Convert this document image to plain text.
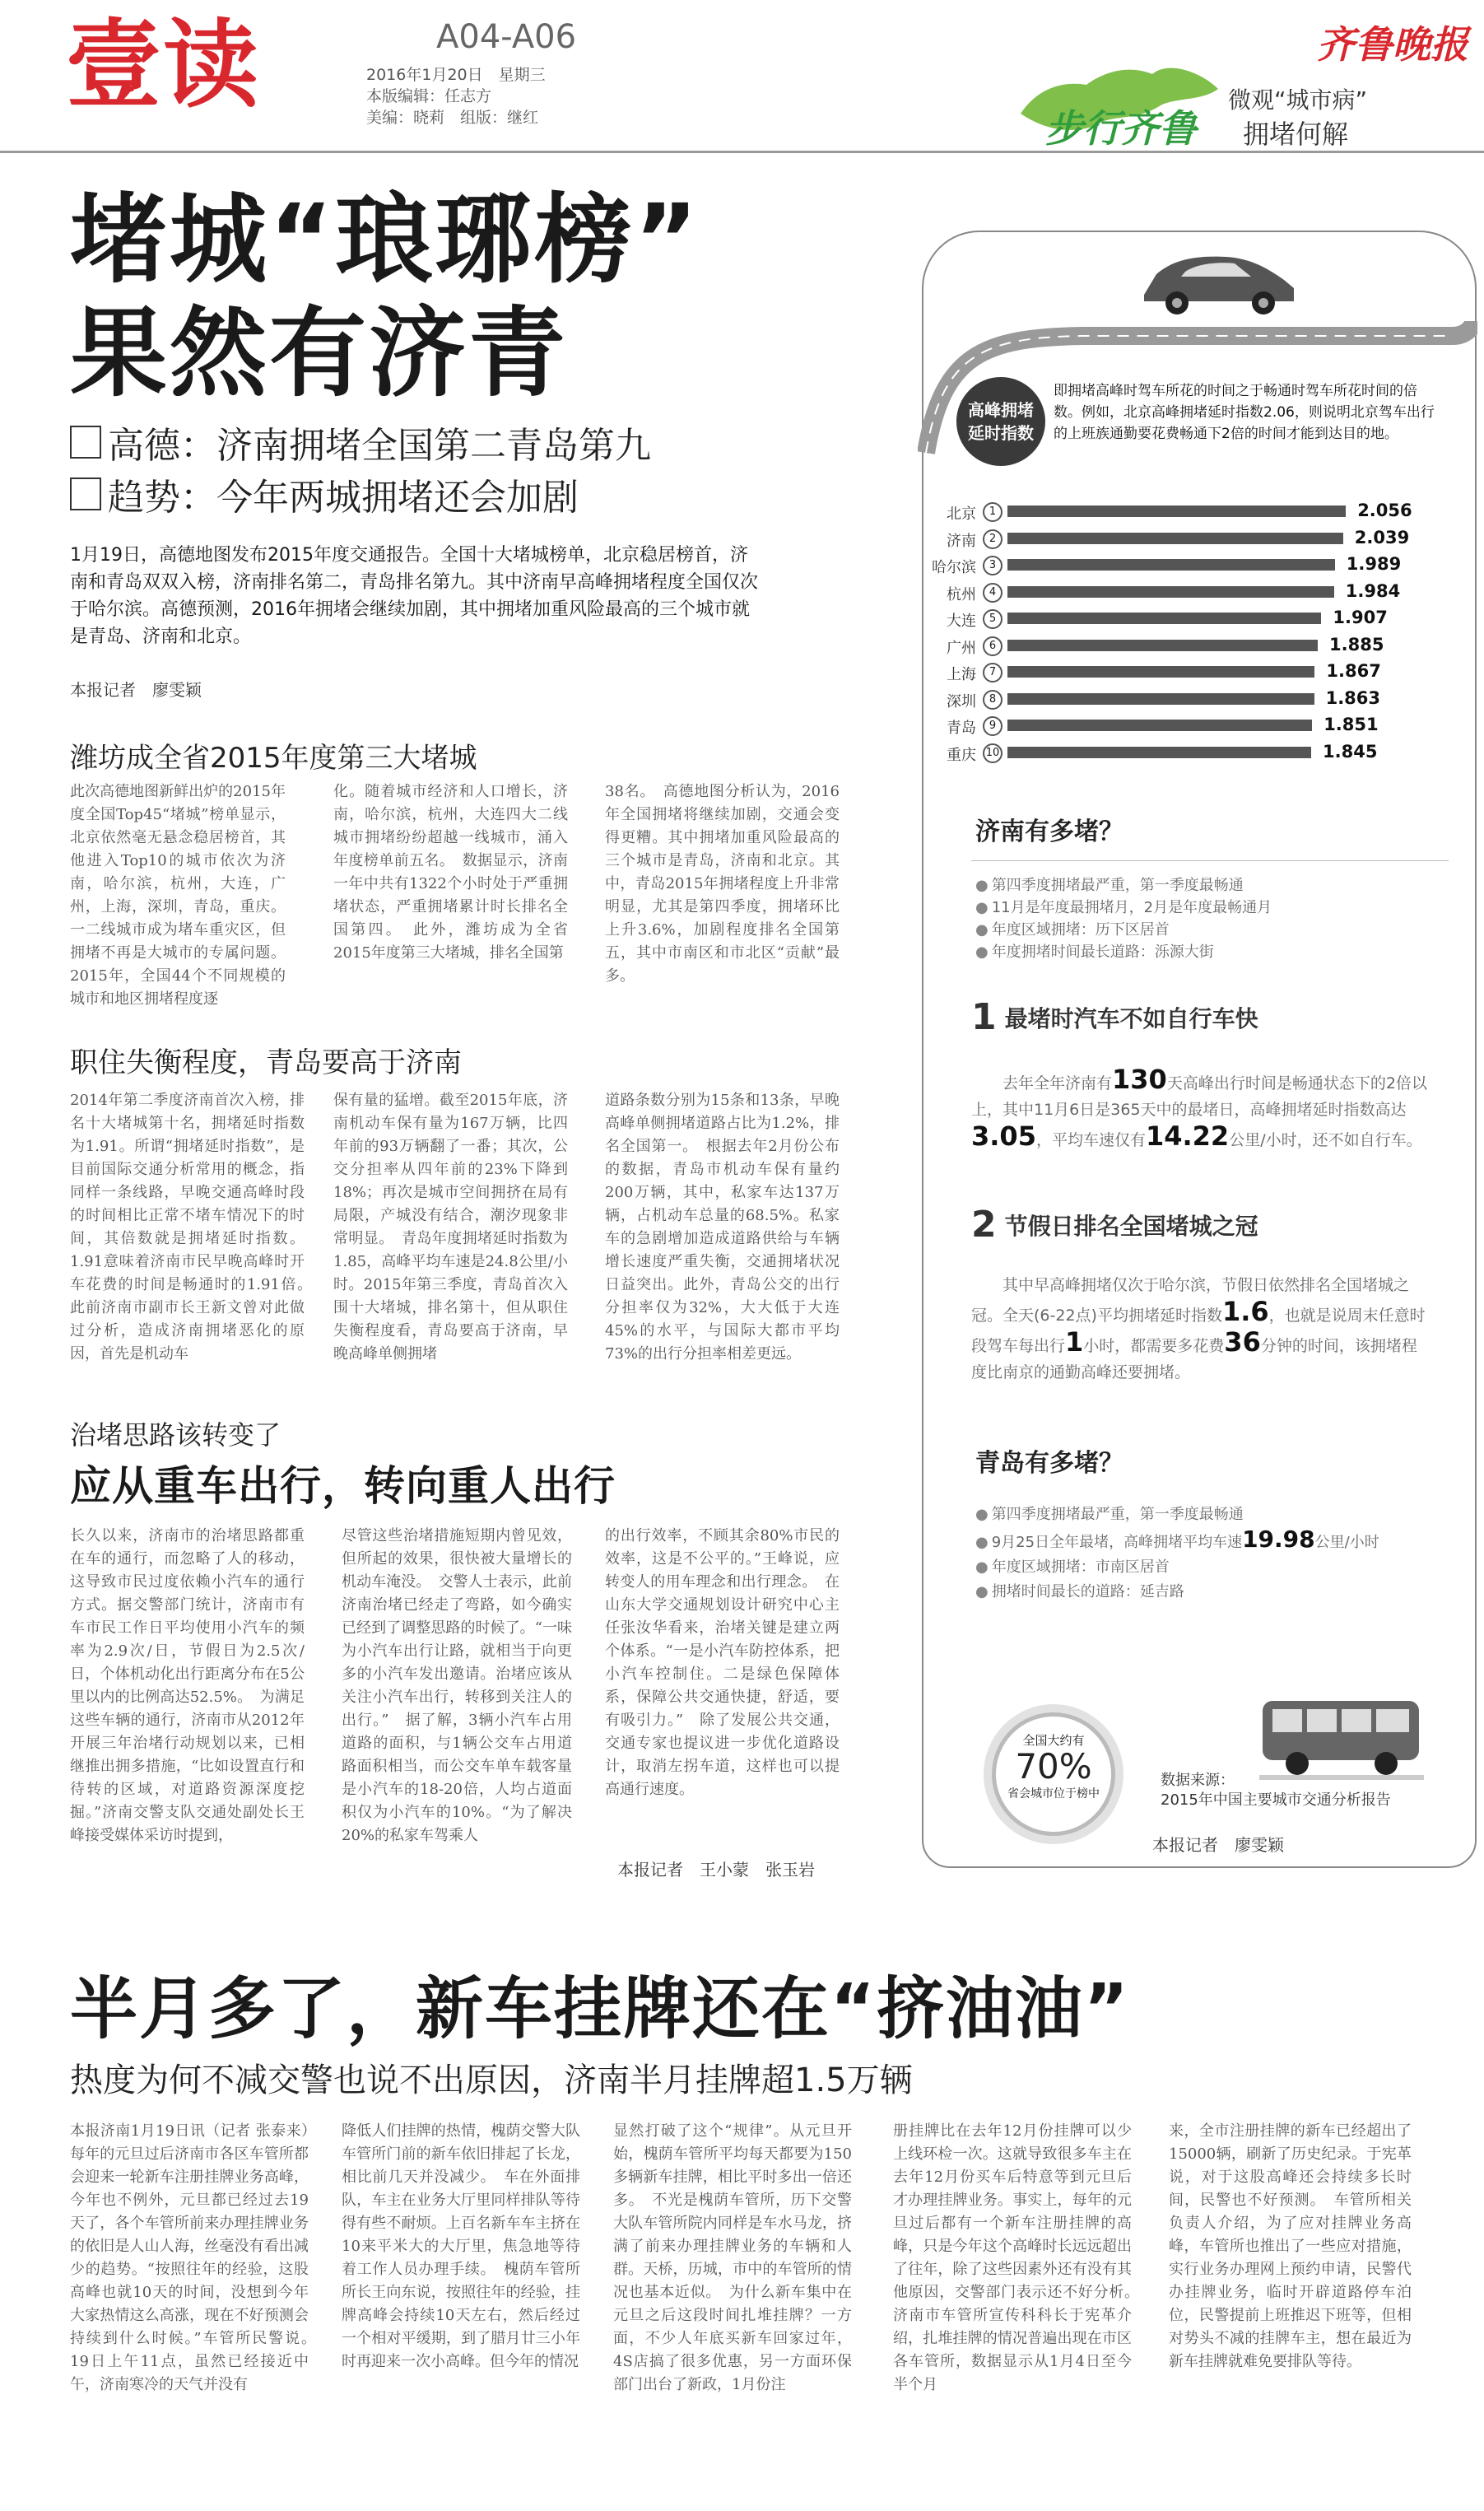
壹读	A04-A06
2016年1月20日　星期三
本版编辑：任志方
美编：晓莉　组版：继红
齐鲁晚报
步行齐鲁
微观“城市病”
拥堵何解
堵城“琅琊榜”
果然有济青
高德：济南拥堵全国第二青岛第九
趋势：今年两城拥堵还会加剧
1月19日，高德地图发布2015年度交通报告。全国十大堵城榜单，北京稳居榜首，济南和青岛双双入榜，济南排名第二，青岛排名第九。其中济南早高峰拥堵程度全国仅次于哈尔滨。高德预测，2016年拥堵会继续加剧，其中拥堵加重风险最高的三个城市就是青岛、济南和北京。
本报记者　廖雯颖
潍坊成全省2015年度第三大堵城
此次高德地图新鲜出炉的2015年度全国Top45“堵城”榜单显示，北京依然毫无悬念稳居榜首，其他进入Top10的城市依次为济南，哈尔滨，杭州，大连，广州，上海，深圳，青岛，重庆。一二线城市成为堵车重灾区，但拥堵不再是大城市的专属问题。2015年，全国44个不同规模的城市和地区拥堵程度逐
化。随着城市经济和人口增长，济南，哈尔滨，杭州，大连四大二线城市拥堵纷纷超越一线城市，涌入年度榜单前五名。　数据显示，济南一年中共有1322个小时处于严重拥堵状态，严重拥堵累计时长排名全国第四。　此外，潍坊成为全省2015年度第三大堵城，排名全国第
38名。　高德地图分析认为，2016年全国拥堵将继续加剧，交通会变得更糟。其中拥堵加重风险最高的三个城市是青岛，济南和北京。其中，青岛2015年拥堵程度上升非常明显，尤其是第四季度，拥堵环比上升3.6%，加剧程度排名全国第五，其中市南区和市北区“贡献”最多。
职住失衡程度，青岛要高于济南
2014年第二季度济南首次入榜，排名十大堵城第十名，拥堵延时指数为1.91。所谓“拥堵延时指数”，是目前国际交通分析常用的概念，指同样一条线路，早晚交通高峰时段的时间相比正常不堵车情况下的时间，其倍数就是拥堵延时指数。1.91意味着济南市民早晚高峰时开车花费的时间是畅通时的1.91倍。　此前济南市副市长王新文曾对此做过分析，造成济南拥堵恶化的原因，首先是机动车
保有量的猛增。截至2015年底，济南机动车保有量为167万辆，比四年前的93万辆翻了一番；其次，公交分担率从四年前的23%下降到18%；再次是城市空间拥挤在局有局限，产城没有结合，潮汐现象非常明显。　青岛年度拥堵延时指数为1.85，高峰平均车速是24.8公里/小时。2015年第三季度，青岛首次入围十大堵城，排名第十，但从职住失衡程度看，青岛要高于济南，早晚高峰单侧拥堵
道路条数分别为15条和13条，早晚高峰单侧拥堵道路占比为1.2%，排名全国第一。　根据去年2月份公布的数据，青岛市机动车保有量约200万辆，其中，私家车达137万辆，占机动车总量的68.5%。私家车的急剧增加造成道路供给与车辆增长速度严重失衡，交通拥堵状况日益突出。此外，青岛公交的出行分担率仅为32%，大大低于大连45%的水平，与国际大都市平均73%的出行分担率相差更远。
治堵思路该转变了
应从重车出行，转向重人出行
长久以来，济南市的治堵思路都重在车的通行，而忽略了人的移动，这导致市民过度依赖小汽车的通行方式。据交警部门统计，济南市有车市民工作日平均使用小汽车的频率为2.9次/日，节假日为2.5次/日，个体机动化出行距离分布在5公里以内的比例高达52.5%。　为满足这些车辆的通行，济南市从2012年开展三年治堵行动规划以来，已相继推出拥多措施，“比如设置直行和待转的区域，对道路资源深度挖掘。”济南交警支队交通处副处长王峰接受媒体采访时提到，
尽管这些治堵措施短期内曾见效，但所起的效果，很快被大量增长的机动车淹没。　交警人士表示，此前济南治堵已经走了弯路，如今确实已经到了调整思路的时候了。“一味为小汽车出行让路，就相当于向更多的小汽车发出邀请。治堵应该从关注小汽车出行，转移到关注人的出行。”　据了解，3辆小汽车占用道路的面积，与1辆公交车占用道路面积相当，而公交车单车载客量是小汽车的18-20倍，人均占道面积仅为小汽车的10%。“为了解决20%的私家车驾乘人
的出行效率，不顾其余80%市民的效率，这是不公平的。”王峰说，应转变人的用车理念和出行理念。　在山东大学交通规划设计研究中心主任张汝华看来，治堵关键是建立两个体系。“一是小汽车防控体系，把小汽车控制住。二是绿色保障体系，保障公共交通快捷，舒适，要有吸引力。”　除了发展公共交通，交通专家也提议进一步优化道路设计，取消左拐车道，这样也可以提高通行速度。
本报记者　王小蒙　张玉岩
高峰拥堵
延时指数
即拥堵高峰时驾车所花的时间之于畅通时驾车所花时间的倍数。例如，北京高峰拥堵延时指数2.06，则说明北京驾车出行的上班族通勤要花费畅通下2倍的时间才能到达目的地。
北京	1	2.056
济南	2	2.039
哈尔滨	3	1.989
杭州	4	1.984
大连	5	1.907
广州	6	1.885
上海	7	1.867
深圳	8	1.863
青岛	9	1.851
重庆 10	1.845
济南有多堵？
● 第四季度拥堵最严重，第一季度最畅通
● 11月是年度最拥堵月，2月是年度最畅通月
● 年度区域拥堵：历下区居首
● 年度拥堵时间最长道路：泺源大街
1 最堵时汽车不如自行车快
去年全年济南有130天高峰出行时间是畅通状态下的2倍以上，其中11月6日是365天中的最堵日，高峰拥堵延时指数高达3.05，平均车速仅有14.22公里/小时，还不如自行车。
2 节假日排名全国堵城之冠
其中早高峰拥堵仅次于哈尔滨，节假日依然排名全国堵城之冠。全天(6-22点)平均拥堵延时指数1.6，也就是说周末任意时段驾车每出行1小时，都需要多花费36分钟的时间，该拥堵程度比南京的通勤高峰还要拥堵。
青岛有多堵？
● 第四季度拥堵最严重，第一季度最畅通
● 9月25日全年最堵，高峰拥堵平均车速19.98公里/小时
● 年度区域拥堵：市南区居首
● 拥堵时间最长的道路：延吉路
全国大约有
70%
省会城市位于榜中
数据来源：
2015年中国主要城市交通分析报告
本报记者　廖雯颖
半月多了，新车挂牌还在“挤油油”
热度为何不减交警也说不出原因，济南半月挂牌超1.5万辆
本报济南1月19日讯（记者 张泰来）　每年的元旦过后济南市各区车管所都会迎来一轮新车注册挂牌业务高峰，今年也不例外，元旦都已经过去19天了，各个车管所前来办理挂牌业务的依旧是人山人海，丝毫没有看出减少的趋势。“按照往年的经验，这股高峰也就10天的时间，没想到今年大家热情这么高涨，现在不好预测会持续到什么时候。”车管所民警说。　19日上午11点，虽然已经接近中午，济南寒冷的天气并没有
降低人们挂牌的热情，槐荫交警大队车管所门前的新车依旧排起了长龙，相比前几天并没减少。　车在外面排队，车主在业务大厅里同样排队等待得有些不耐烦。上百名新车车主挤在10来平米大的大厅里，焦急地等待着工作人员办理手续。　槐荫车管所所长王向东说，按照往年的经验，挂牌高峰会持续10天左右，然后经过一个相对平缓期，到了腊月廿三小年时再迎来一次小高峰。但今年的情况
显然打破了这个“规律”。从元旦开始，槐荫车管所平均每天都要为150多辆新车挂牌，相比平时多出一倍还多。　不光是槐荫车管所，历下交警大队车管所院内同样是车水马龙，挤满了前来办理挂牌业务的车辆和人群。天桥，历城，市中的车管所的情况也基本近似。　为什么新车集中在元旦之后这段时间扎堆挂牌？一方面，不少人年底买新车回家过年，4S店搞了很多优惠，另一方面环保部门出台了新政，1月份注
册挂牌比在去年12月份挂牌可以少上线环检一次。这就导致很多车主在去年12月份买车后特意等到元旦后才办理挂牌业务。事实上，每年的元旦过后都有一个新车注册挂牌的高峰，只是今年这个高峰时长远远超出了往年，除了这些因素外还有没有其他原因，交警部门表示还不好分析。　济南市车管所宣传科科长于宪革介绍，扎堆挂牌的情况普遍出现在市区各车管所，数据显示从1月4日至今半个月
来，全市注册挂牌的新车已经超出了15000辆，刷新了历史纪录。于宪革说，对于这股高峰还会持续多长时间，民警也不好预测。　车管所相关负责人介绍，为了应对挂牌业务高峰，车管所也推出了一些应对措施，实行业务办理网上预约申请，民警代办挂牌业务，临时开辟道路停车泊位，民警提前上班推迟下班等，但相对势头不减的挂牌车主，想在最近为新车挂牌就难免要排队等待。
